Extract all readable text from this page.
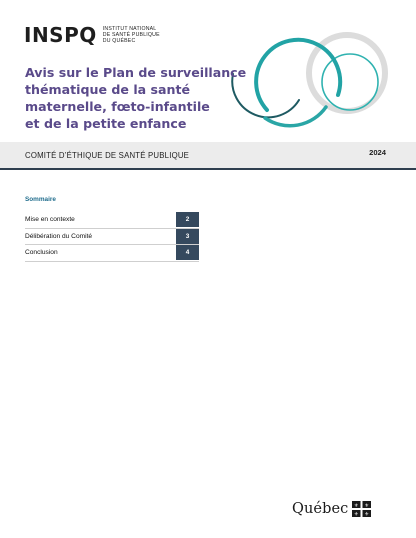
INSPQ INSTITUT NATIONAL
DE SANTÉ PUBLIQUE
DU QUÉBEC
Avis sur le Plan de surveillance
thématique de la santé
maternelle, fœto-infantile
et de la petite enfance
COMITÉ D’ÉTHIQUE DE SANTÉ PUBLIQUE	2024
Sommaire
Mise en contexte	2
Délibération du Comité	3
Conclusion	4
Québec ⚜ ⚜
⚜ ⚜
